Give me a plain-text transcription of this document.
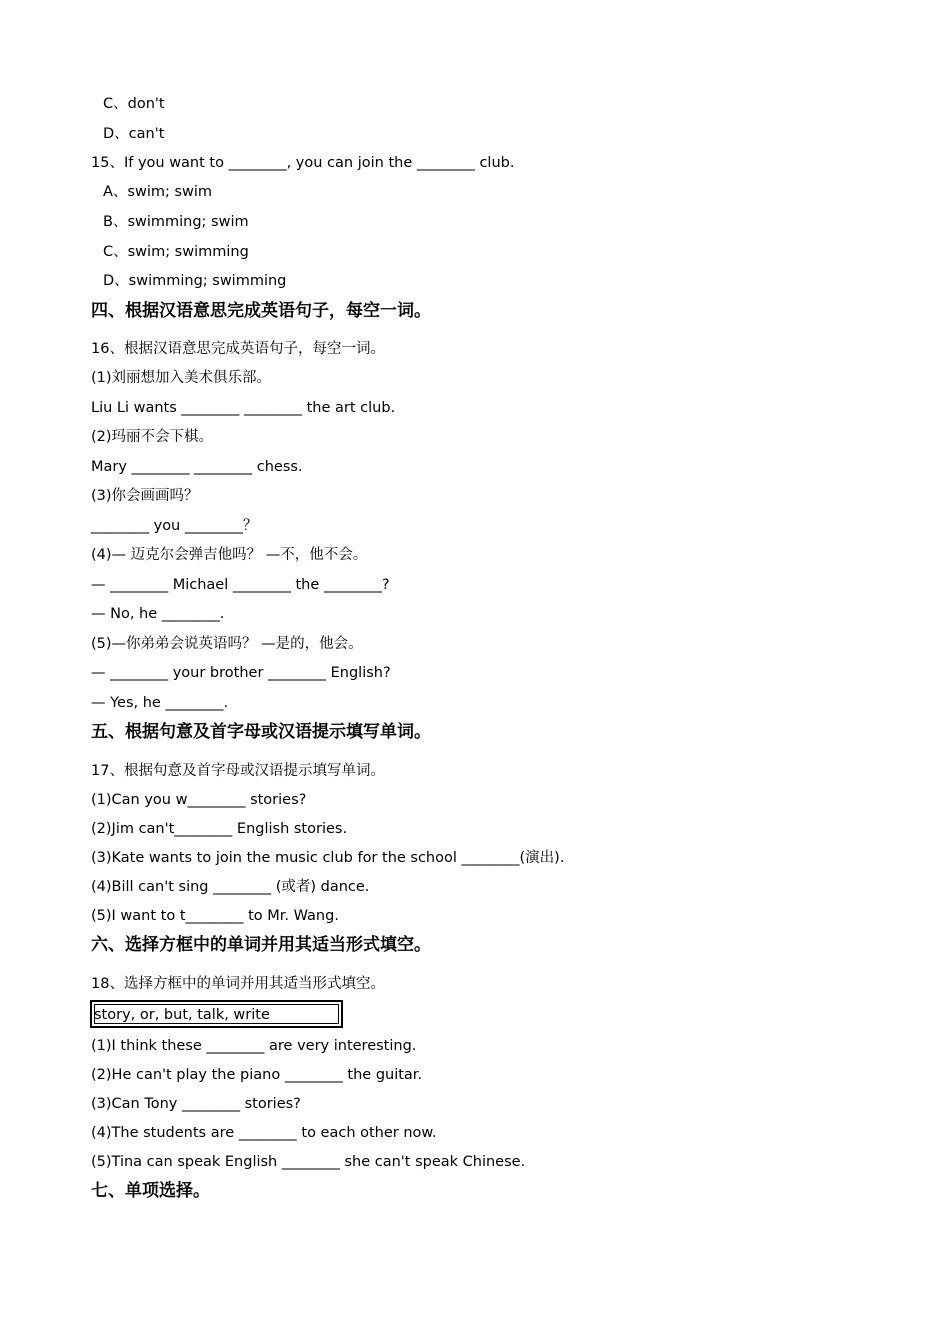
C、don't
D、can't
15、If you want to ________, you can join the ________ club.
A、swim; swim
B、swimming; swim
C、swim; swimming
D、swimming; swimming
四、根据汉语意思完成英语句子，每空一词。
16、根据汉语意思完成英语句子，每空一词。
(1)刘丽想加入美术俱乐部。
Liu Li wants ________ ________ the art club.
(2)玛丽不会下棋。
Mary ________ ________ chess.
(3)你会画画吗？
________ you ________？
(4)— 迈克尔会弹吉他吗？ —不，他不会。
— ________ Michael ________ the ________?
— No, he ________.
(5)—你弟弟会说英语吗？ —是的，他会。
— ________ your brother ________ English?
— Yes, he ________.
五、根据句意及首字母或汉语提示填写单词。
17、根据句意及首字母或汉语提示填写单词。
(1)Can you w________ stories?
(2)Jim can't________ English stories.
(3)Kate wants to join the music club for the school ________(演出).
(4)Bill can't sing ________ (或者) dance.
(5)I want to t________ to Mr. Wang.
六、选择方框中的单词并用其适当形式填空。
18、选择方框中的单词并用其适当形式填空。
story, or, but, talk, write
(1)I think these ________ are very interesting.
(2)He can't play the piano ________ the guitar.
(3)Can Tony ________ stories?
(4)The students are ________ to each other now.
(5)Tina can speak English ________ she can't speak Chinese.
七、单项选择。
